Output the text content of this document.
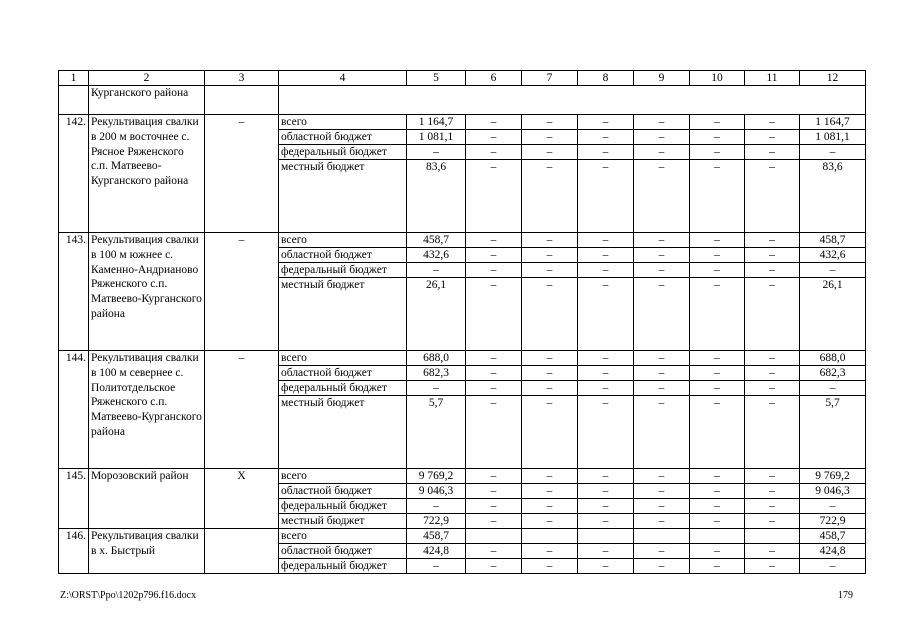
1	2	3	4	5	6	7	8	9	10	11	12
	Курганского района										
142.	Рекультивация свалки в 200 м восточнее с. Рясное Ряженского с.п. Матвеево-Курганского района	–	всего	1 164,7	–	–	–	–	–	–	1 164,7
			областной бюджет	1 081,1	–	–	–	–	–	–	1 081,1
			федеральный бюджет	–	–	–	–	–	–	–	–
			местный бюджет	83,6	–	–	–	–	–	–	83,6
143.	Рекультивация свалки в 100 м южнее с. Каменно-Андрианово Ряженского с.п. Матвеево-Курганского района	–	всего	458,7	–	–	–	–	–	–	458,7
			областной бюджет	432,6	–	–	–	–	–	–	432,6
			федеральный бюджет	–	–	–	–	–	–	–	–
			местный бюджет	26,1	–	–	–	–	–	–	26,1
144.	Рекультивация свалки в 100 м севернее с. Политотдельское Ряженского с.п. Матвеево-Курганского района	–	всего	688,0	–	–	–	–	–	–	688,0
			областной бюджет	682,3	–	–	–	–	–	–	682,3
			федеральный бюджет	–	–	–	–	–	–	–	–
			местный бюджет	5,7	–	–	–	–	–	–	5,7
145.	Морозовский район	Х	всего	9 769,2	–	–	–	–	–	–	9 769,2
			областной бюджет	9 046,3	–	–	–	–	–	–	9 046,3
			федеральный бюджет	–	–	–	–	–	–	–	–
			местный бюджет	722,9	–	–	–	–	–	–	722,9
146.	Рекультивация свалки в х. Быстрый		всего	458,7							458,7
			областной бюджет	424,8	–	–	–	–	–	–	424,8
			федеральный бюджет	–	–	–	–	–	–	–	–
Z:\ORST\Ppo\1202p796.f16.docx	179
